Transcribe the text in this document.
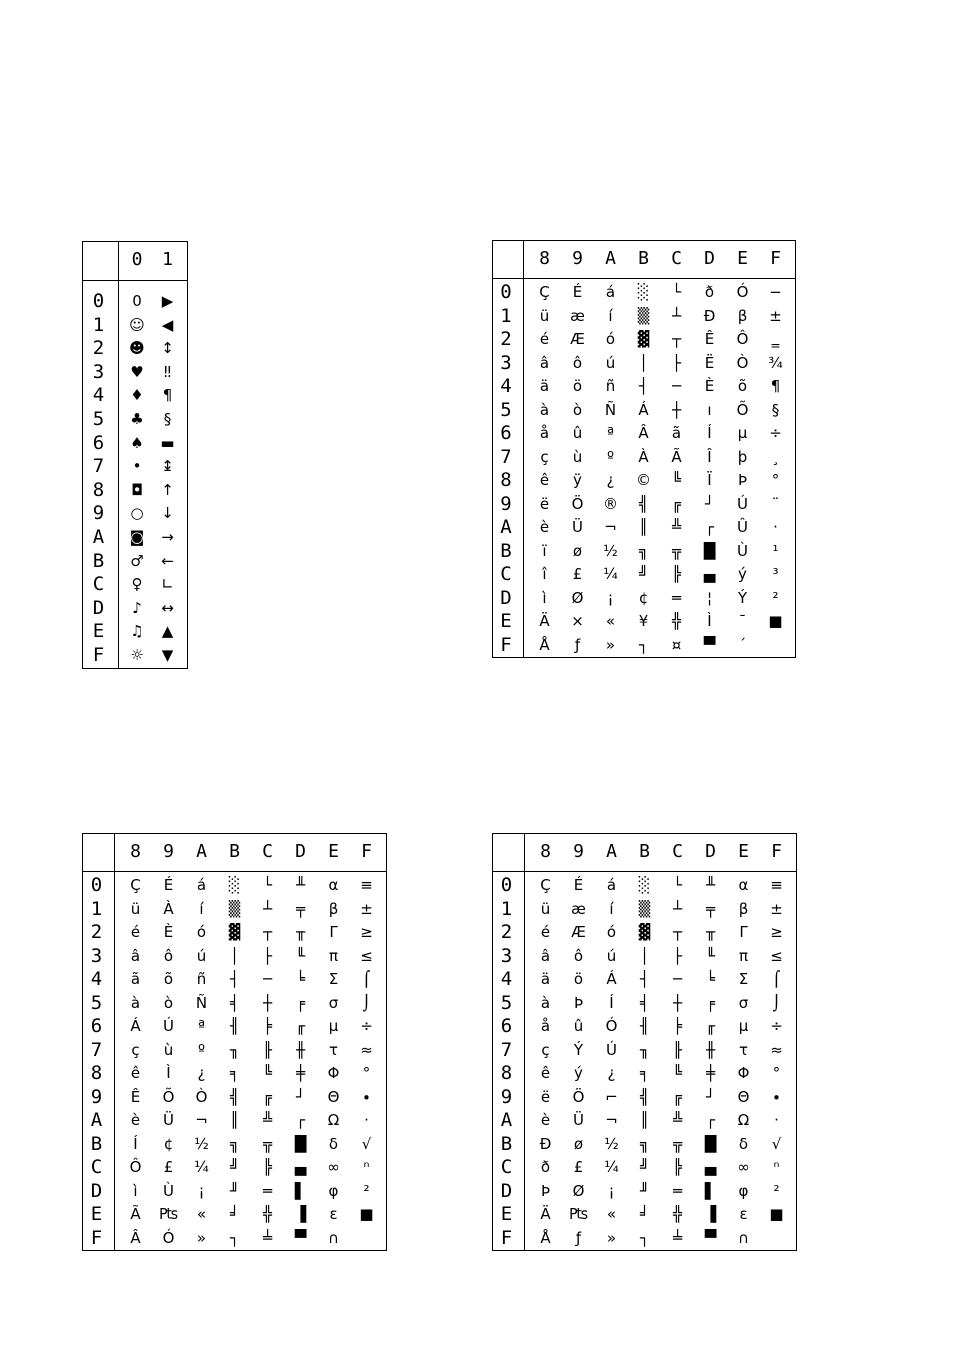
0	1
0	0	▶
1	☺	◀
2	☻	↕
3	♥	‼
4	♦	¶
5	♣	§
6	♠	▬
7	•	↨
8	◘	↑
9	○	↓
A	◙	→
B	♂	←
C	♀	∟
D	♪	↔
E	♫	▲
F	☼	▼
8	9	A	B	C	D	E	F
0	Ç	É	á	░	└	ð	Ó	−
1	ü	æ	í	▒	┴	Ð	β	±
2	é	Æ	ó	▓	┬	Ê	Ô	‗
3	â	ô	ú	│	├	Ë	Ò	¾
4	ä	ö	ñ	┤	─	È	õ	¶
5	à	ò	Ñ	Á	┼	ı	Õ	§
6	å	û	ª	Â	ã	Í	µ	÷
7	ç	ù	º	À	Ã	Î	þ	¸
8	ê	ÿ	¿	©	╚	Ï	Þ	°
9	ë	Ö	®	╣	╔	┘	Ú	¨
A	è	Ü	¬	║	╩	┌	Û	·
B	ï	ø	½	╗	╦	█	Ù	¹
C	î	£	¼	╝	╠	▄	ý	³
D	ì	Ø	¡	¢	═	¦	Ý	²
E	Ä	×	«	¥	╬	Ì	¯	■
F	Å	ƒ	»	┐	¤	▀	´
8	9	A	B	C	D	E	F
0	Ç	É	á	░	└	╨	α	≡
1	ü	À	í	▒	┴	╤	β	±
2	é	È	ó	▓	┬	╥	Γ	≥
3	â	ô	ú	│	├	╙	π	≤
4	ã	õ	ñ	┤	─	╘	Σ	⌠
5	à	ò	Ñ	╡	┼	╒	σ	⌡
6	Á	Ú	ª	╢	╞	╓	µ	÷
7	ç	ù	º	╖	╟	╫	τ	≈
8	ê	Ì	¿	╕	╚	╪	Φ	°
9	Ê	Õ	Ò	╣	╔	┘	Θ	∙
A	è	Ü	¬	║	╩	┌	Ω	·
B	Í	¢	½	╗	╦	█	δ	√
C	Ô	£	¼	╝	╠	▄	∞	ⁿ
D	ì	Ù	¡	╜	═	▌	φ	²
E	Ã	₧	«	╛	╬	▐	ε	■
F	Â	Ó	»	┐	╧	▀	∩
8	9	A	B	C	D	E	F
0	Ç	É	á	░	└	╨	α	≡
1	ü	æ	í	▒	┴	╤	β	±
2	é	Æ	ó	▓	┬	╥	Γ	≥
3	â	ô	ú	│	├	╙	π	≤
4	ä	ö	Á	┤	─	╘	Σ	⌠
5	à	Þ	Í	╡	┼	╒	σ	⌡
6	å	û	Ó	╢	╞	╓	µ	÷
7	ç	Ý	Ú	╖	╟	╫	τ	≈
8	ê	ý	¿	╕	╚	╪	Φ	°
9	ë	Ö	⌐	╣	╔	┘	Θ	∙
A	è	Ü	¬	║	╩	┌	Ω	·
B	Ð	ø	½	╗	╦	█	δ	√
C	ð	£	¼	╝	╠	▄	∞	ⁿ
D	Þ	Ø	¡	╜	═	▌	φ	²
E	Ä	₧	«	╛	╬	▐	ε	■
F	Å	ƒ	»	┐	╧	▀	∩
